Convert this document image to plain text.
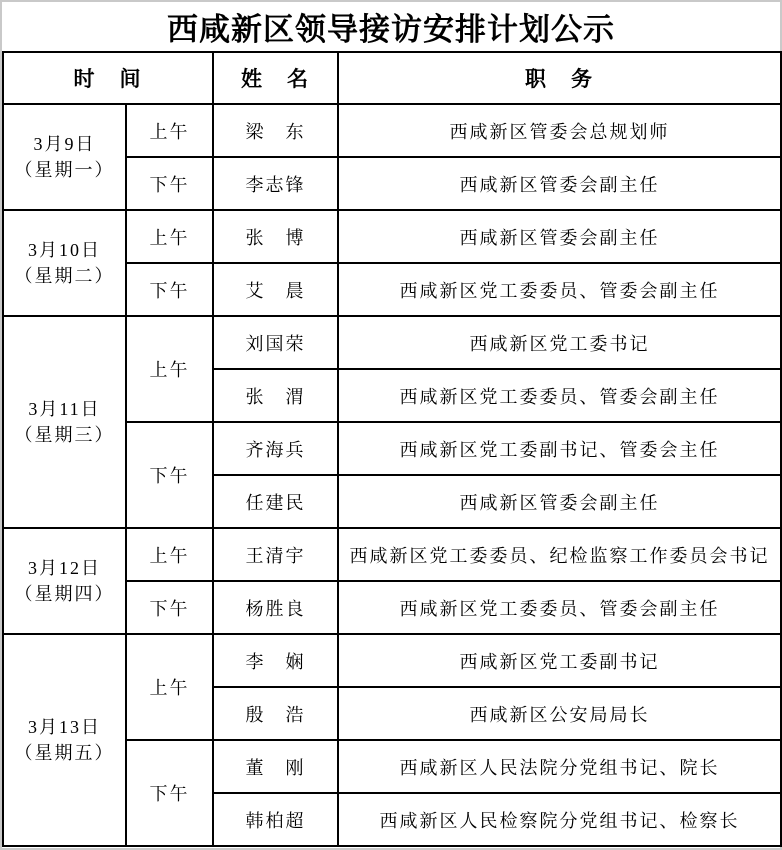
西咸新区领导接访安排计划公示
时　间		姓　名	职　务

3月9日
（星期一）	上午	梁　东	西咸新区管委会总规划师
	下午	李志锋	西咸新区管委会副主任

3月10日
（星期二）	上午	张　博	西咸新区管委会副主任
	下午	艾　晨	西咸新区党工委委员、管委会副主任

3月11日
（星期三）	上午	刘国荣	西咸新区党工委书记
		张　渭	西咸新区党工委委员、管委会副主任
	下午	齐海兵	西咸新区党工委副书记、管委会主任
		任建民	西咸新区管委会副主任

3月12日
（星期四）	上午	王清宇	西咸新区党工委委员、纪检监察工作委员会书记
	下午	杨胜良	西咸新区党工委委员、管委会副主任

3月13日
（星期五）	上午	李　娴	西咸新区党工委副书记
		殷　浩	西咸新区公安局局长
	下午	董　刚	西咸新区人民法院分党组书记、院长
		韩柏超	西咸新区人民检察院分党组书记、检察长
